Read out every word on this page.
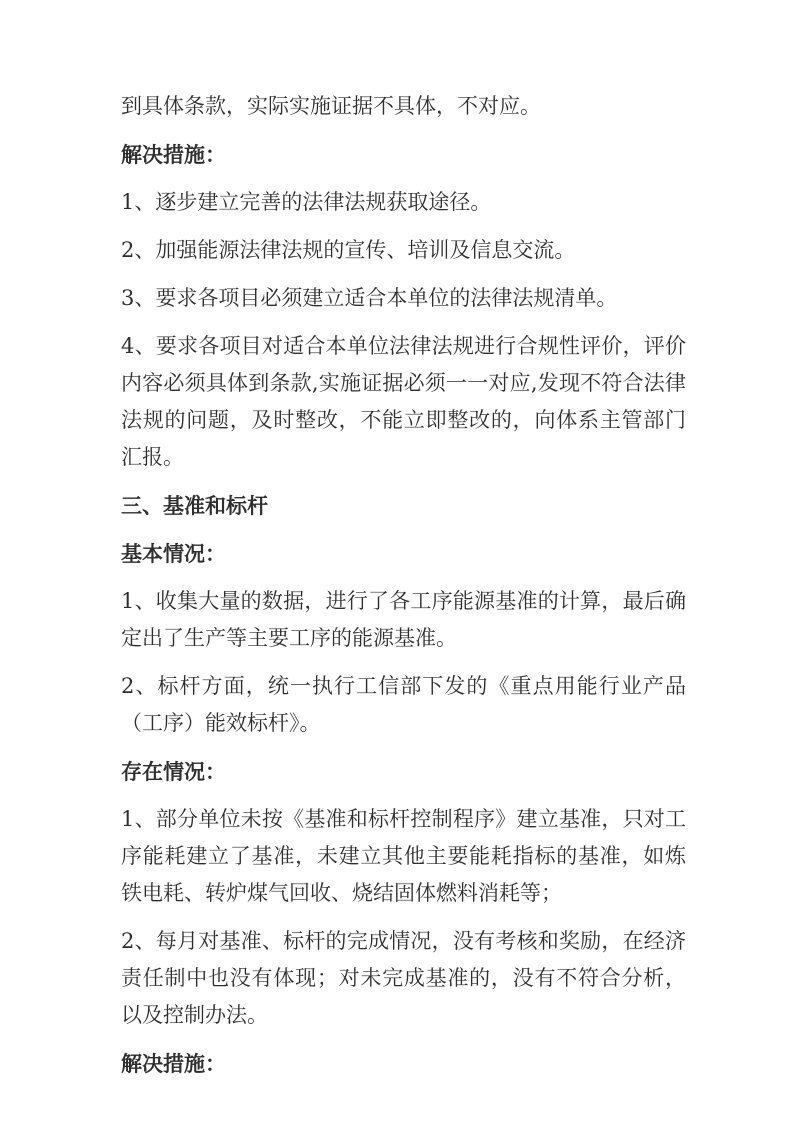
到具体条款，实际实施证据不具体，不对应。

解决措施：

1、逐步建立完善的法律法规获取途径。

2、加强能源法律法规的宣传、培训及信息交流。

3、要求各项目必须建立适合本单位的法律法规清单。

4、要求各项目对适合本单位法律法规进行合规性评价，评价内容必须具体到条款,实施证据必须一一对应,发现不符合法律法规的问题，及时整改，不能立即整改的，向体系主管部门汇报。

三、基准和标杆

基本情况：

1、收集大量的数据，进行了各工序能源基准的计算，最后确定出了生产等主要工序的能源基准。

2、标杆方面，统一执行工信部下发的《重点用能行业产品（工序）能效标杆》。

存在情况：

1、部分单位未按《基准和标杆控制程序》建立基准，只对工序能耗建立了基准，未建立其他主要能耗指标的基准，如炼铁电耗、转炉煤气回收、烧结固体燃料消耗等；

2、每月对基准、标杆的完成情况，没有考核和奖励，在经济责任制中也没有体现；对未完成基准的，没有不符合分析，以及控制办法。

解决措施：
